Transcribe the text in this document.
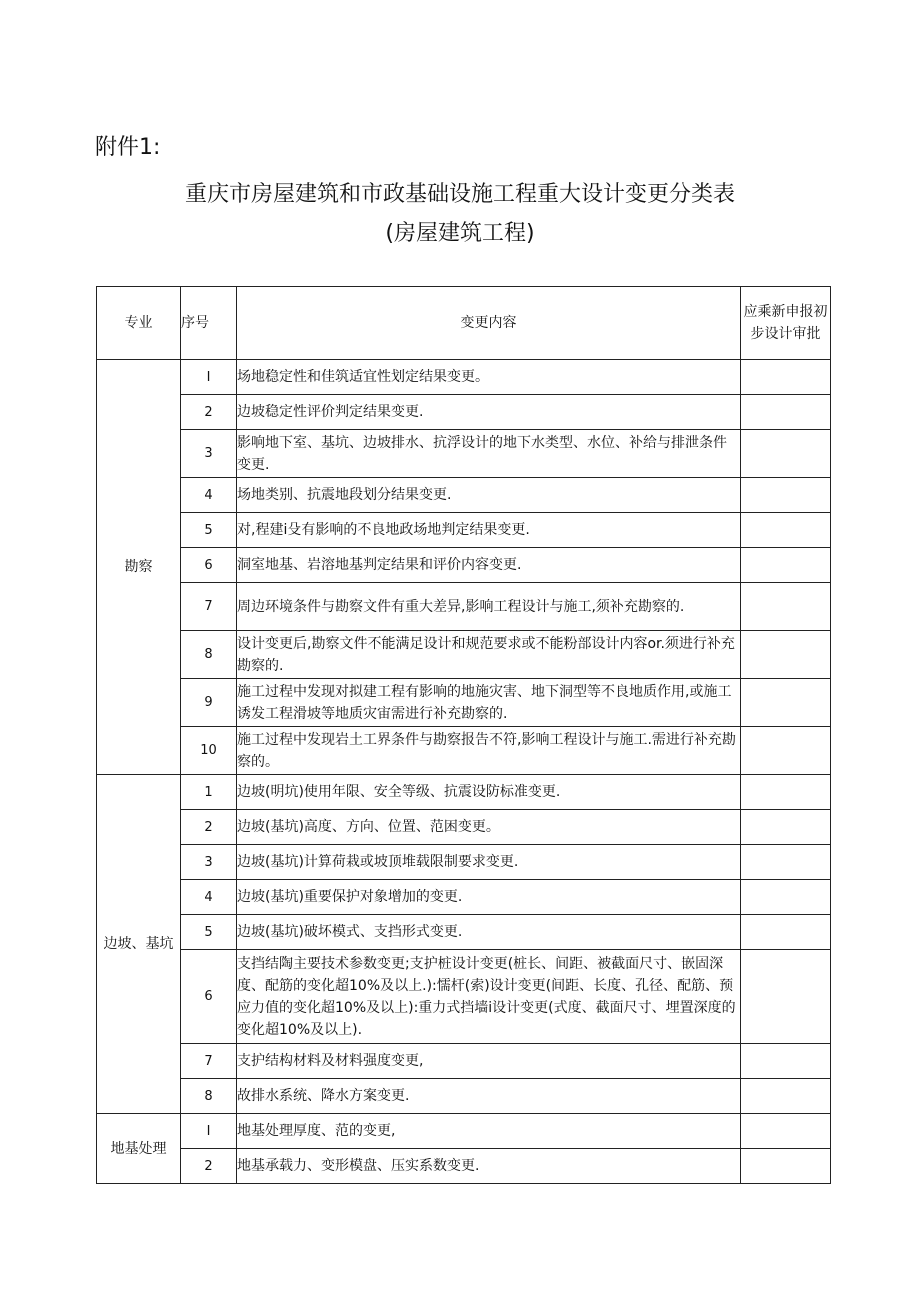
附件1:
重庆市房屋建筑和市政基础设施工程重大设计变更分类表
(房屋建筑工程)
专业	序号	变更内容	应乘新申报初步设计审批
勘察	I	场地稳定性和佳筑适宜性划定结果变更。	
	2	边坡稳定性评价判定结果变更.	
	3	影响地下室、基坑、边坡排水、抗浮设计的地下水类型、水位、补给与排泄条件变更.	
	4	场地类别、抗震地段划分结果变更.	
	5	对,程建i殳有影响的不良地政场地判定结果变更.	
	6	洞室地基、岩溶地基判定结果和评价内容变更.	
	7	周边环境条件与勘察文件有重大差异,影响工程设计与施工,须补充勘察的.	
	8	设计变更后,勘察文件不能满足设计和规范要求或不能粉部设计内容or.须进行补充勘察的.	
	9	施工过程中发现对拟建工程有影响的地施灾害、地下洞型等不良地质作用,或施工诱发工程滑坡等地质灾宙需进行补充勘察的.	
	10	施工过程中发现岩土工界条件与勘察报告不符,影响工程设计与施工.需进行补充勘察的。	
边坡、基坑	1	边坡(明坑)使用年限、安全等级、抗震设防标准变更.	
	2	边坡(基坑)高度、方向、位置、范困变更。	
	3	边坡(基坑)计算荷栽或坡顶堆载限制要求变更.	
	4	边坡(基坑)重要保护对象增加的变更.	
	5	边坡(基坑)破坏模式、支挡形式变更.	
	6	支挡结陶主要技术参数变更;支护桩设计变更(桩长、间距、被截面尺寸、嵌固深度、配筋的变化超10%及以上.):懦杆(索)设计变更(间距、长度、孔径、配筋、预应力值的变化超10%及以上):重力式挡墙i设计变更(式度、截面尺寸、埋置深度的变化超10%及以上).	
	7	支护结构材料及材料强度变更,	
	8	故排水系统、降水方案变更.	
地基处理	I	地基处理厚度、范的变更,	
	2	地基承载力、变形模盘、压实系数变更.	
